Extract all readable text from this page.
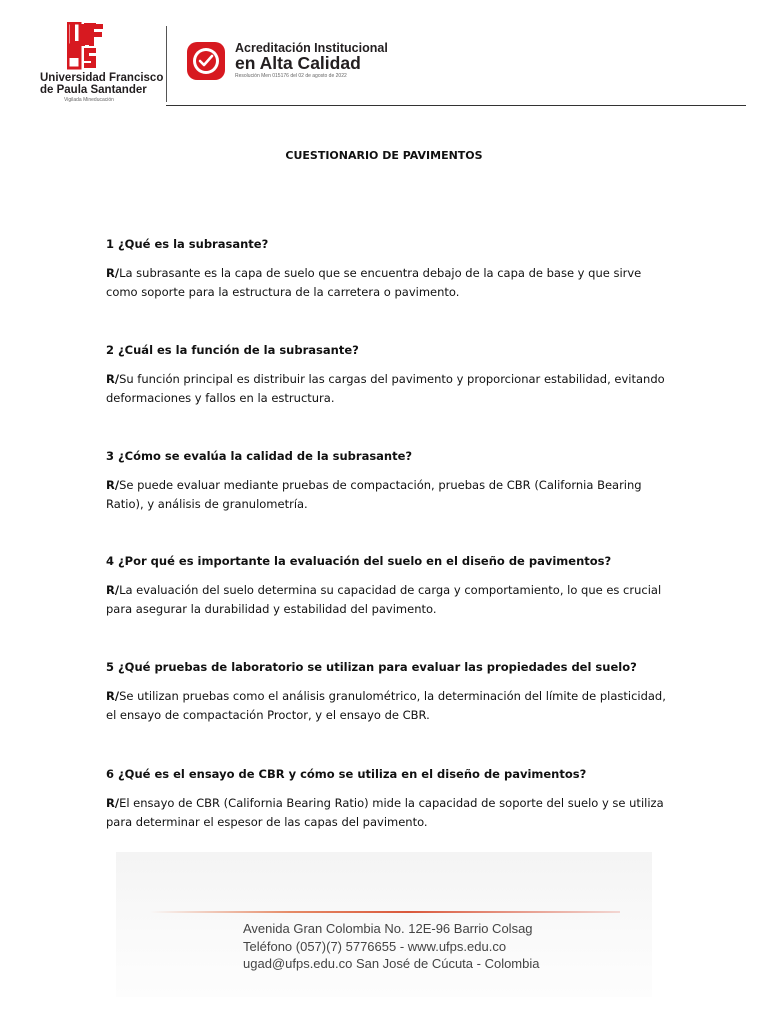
Universidad Francisco
de Paula Santander
Vigilada Mineducación
Acreditación Institucional
en Alta Calidad
Resolución Men 015176 del 02 de agosto de 2022
CUESTIONARIO DE PAVIMENTOS

1 ¿Qué es la subrasante?

R/La subrasante es la capa de suelo que se encuentra debajo de la capa de base y que sirve como soporte para la estructura de la carretera o pavimento.

2 ¿Cuál es la función de la subrasante?

R/Su función principal es distribuir las cargas del pavimento y proporcionar estabilidad, evitando deformaciones y fallos en la estructura.

3 ¿Cómo se evalúa la calidad de la subrasante?

R/Se puede evaluar mediante pruebas de compactación, pruebas de CBR (California Bearing Ratio), y análisis de granulometría.

4 ¿Por qué es importante la evaluación del suelo en el diseño de pavimentos?

R/La evaluación del suelo determina su capacidad de carga y comportamiento, lo que es crucial para asegurar la durabilidad y estabilidad del pavimento.

5 ¿Qué pruebas de laboratorio se utilizan para evaluar las propiedades del suelo?

R/Se utilizan pruebas como el análisis granulométrico, la determinación del límite de plasticidad, el ensayo de compactación Proctor, y el ensayo de CBR.

6 ¿Qué es el ensayo de CBR y cómo se utiliza en el diseño de pavimentos?

R/El ensayo de CBR (California Bearing Ratio) mide la capacidad de soporte del suelo y se utiliza para determinar el espesor de las capas del pavimento.

Avenida Gran Colombia No. 12E-96 Barrio Colsag
Teléfono (057)(7) 5776655 - www.ufps.edu.co
ugad@ufps.edu.co San José de Cúcuta - Colombia
